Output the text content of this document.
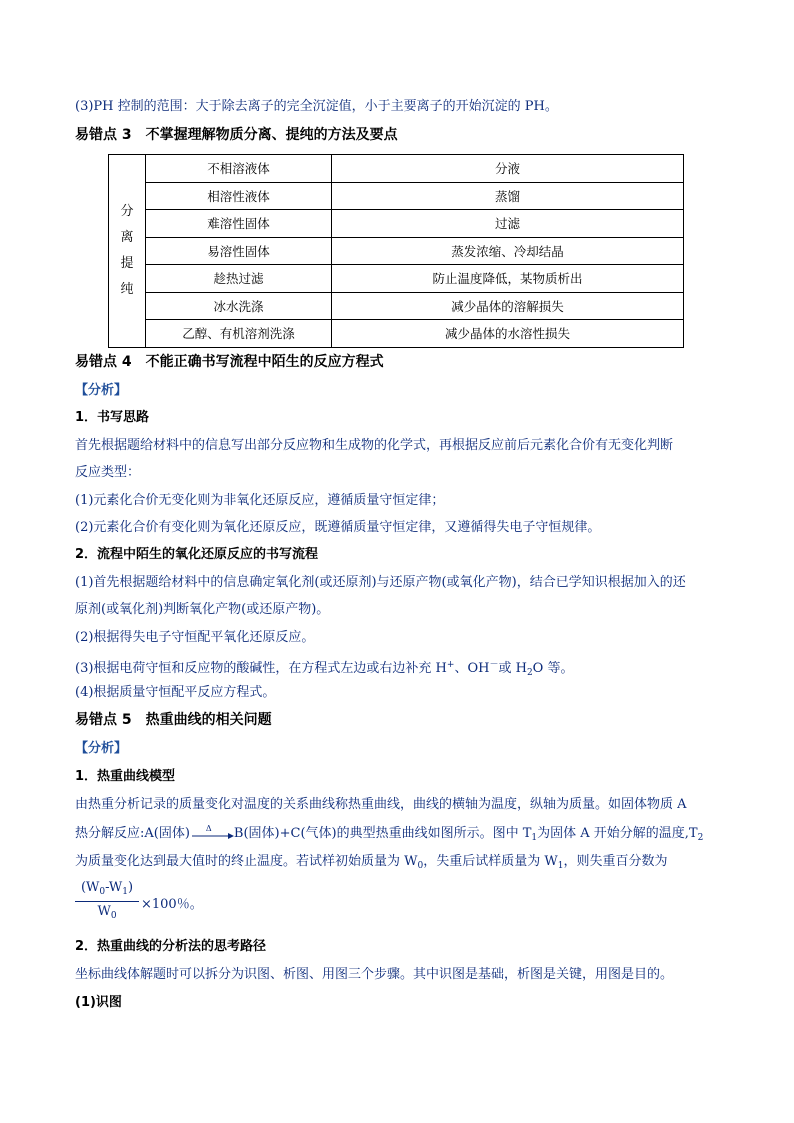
(3)PH 控制的范围：大于除去离子的完全沉淀值，小于主要离子的开始沉淀的 PH。
易错点 3　不掌握理解物质分离、提纯的方法及要点
分
离
提
纯	不相溶液体	分液
	相溶性液体	蒸馏
	难溶性固体	过滤
	易溶性固体	蒸发浓缩、冷却结晶
	趁热过滤	防止温度降低，某物质析出
	冰水洗涤	减少晶体的溶解损失
	乙醇、有机溶剂洗涤	减少晶体的水溶性损失
易错点 4　不能正确书写流程中陌生的反应方程式
【分析】
1．书写思路
首先根据题给材料中的信息写出部分反应物和生成物的化学式，再根据反应前后元素化合价有无变化判断
反应类型：
(1)元素化合价无变化则为非氧化还原反应，遵循质量守恒定律；
(2)元素化合价有变化则为氧化还原反应，既遵循质量守恒定律，又遵循得失电子守恒规律。
2．流程中陌生的氧化还原反应的书写流程
(1)首先根据题给材料中的信息确定氧化剂(或还原剂)与还原产物(或氧化产物)，结合已学知识根据加入的还
原剂(或氧化剂)判断氧化产物(或还原产物)。
(2)根据得失电子守恒配平氧化还原反应。
(3)根据电荷守恒和反应物的酸碱性，在方程式左边或右边补充 H+、OH－或 $H_2O$ 等。
(4)根据质量守恒配平反应方程式。
易错点 5　热重曲线的相关问题
【分析】
1．热重曲线模型
由热重分析记录的质量变化对温度的关系曲线称热重曲线，曲线的横轴为温度，纵轴为质量。如固体物质 A
热分解反应:A(固体) Δ B(固体)+C(气体)的典型热重曲线如图所示。图中 $T_1$为固体 A 开始分解的温度$,T_2$
为质量变化达到最大值时的终止温度。若试样初始质量为 $W_0$，失重后试样质量为 $W_1$，则失重百分数为
$(W_0-W_1)$
$W_0$
×100％。
2．热重曲线的分析法的思考路径
坐标曲线体解题时可以拆分为识图、析图、用图三个步骤。其中识图是基础，析图是关键，用图是目的。
(1)识图
